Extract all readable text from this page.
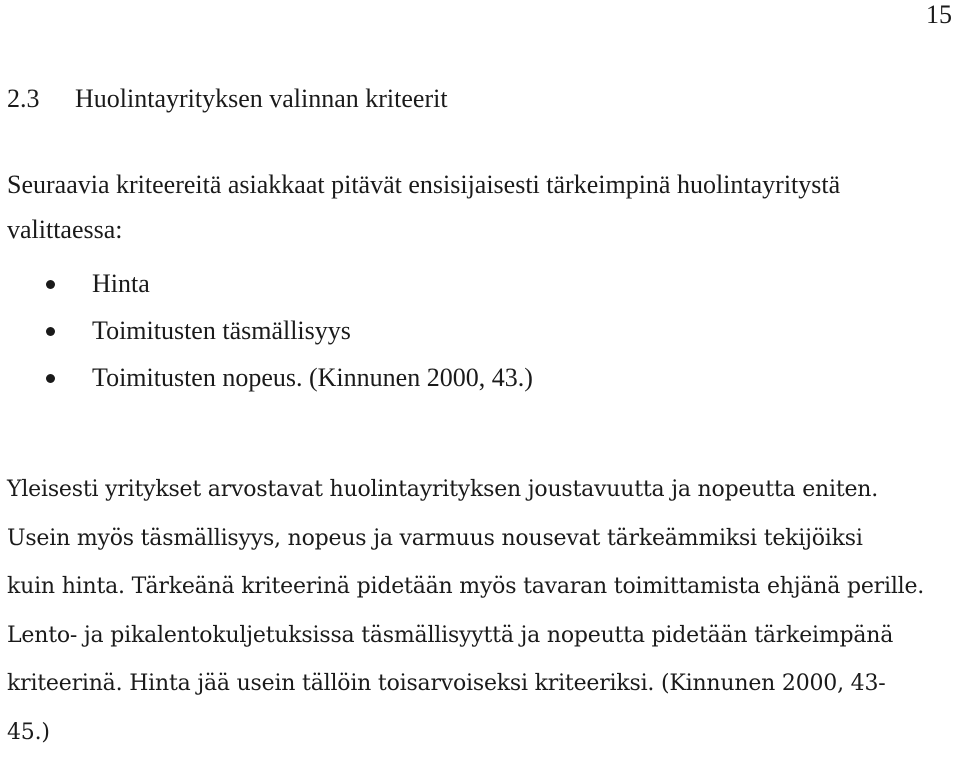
15
2.3 Huolintayrityksen valinnan kriteerit

Seuraavia kriteereitä asiakkaat pitävät ensisijaisesti tärkeimpinä huolintayritystä
valittaessa:

Hinta
Toimitusten täsmällisyys
Toimitusten nopeus. (Kinnunen 2000, 43.)

Yleisesti yritykset arvostavat huolintayrityksen joustavuutta ja nopeutta eniten.
Usein myös täsmällisyys, nopeus ja varmuus nousevat tärkeämmiksi tekijöiksi
kuin hinta. Tärkeänä kriteerinä pidetään myös tavaran toimittamista ehjänä perille.
Lento- ja pikalentokuljetuksissa täsmällisyyttä ja nopeutta pidetään tärkeimpänä
kriteerinä. Hinta jää usein tällöin toisarvoiseksi kriteeriksi. (Kinnunen 2000, 43-
45.)
